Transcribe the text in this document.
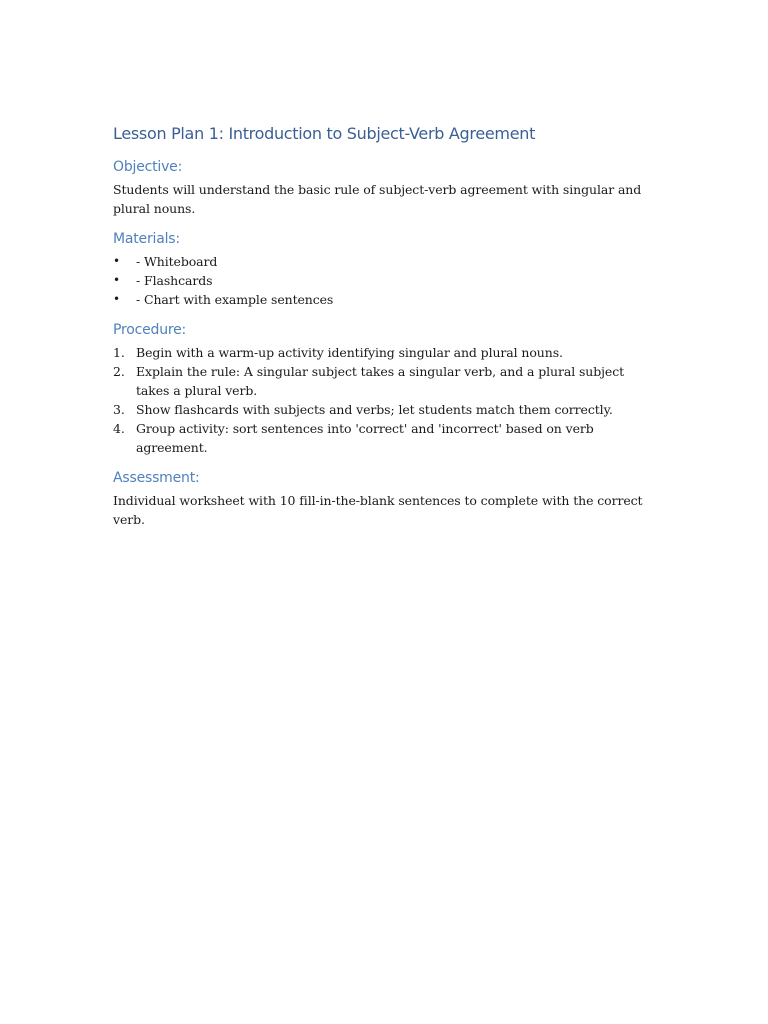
Lesson Plan 1: Introduction to Subject-Verb Agreement
Objective:

Students will understand the basic rule of subject-verb agreement with singular and plural nouns.

Materials:
• - Whiteboard
• - Flashcards
• - Chart with example sentences
Procedure:
1. Begin with a warm-up activity identifying singular and plural nouns.
2. Explain the rule: A singular subject takes a singular verb, and a plural subject takes a plural verb.
3. Show flashcards with subjects and verbs; let students match them correctly.
4. Group activity: sort sentences into 'correct' and 'incorrect' based on verb agreement.
Assessment:

Individual worksheet with 10 fill-in-the-blank sentences to complete with the correct verb.
